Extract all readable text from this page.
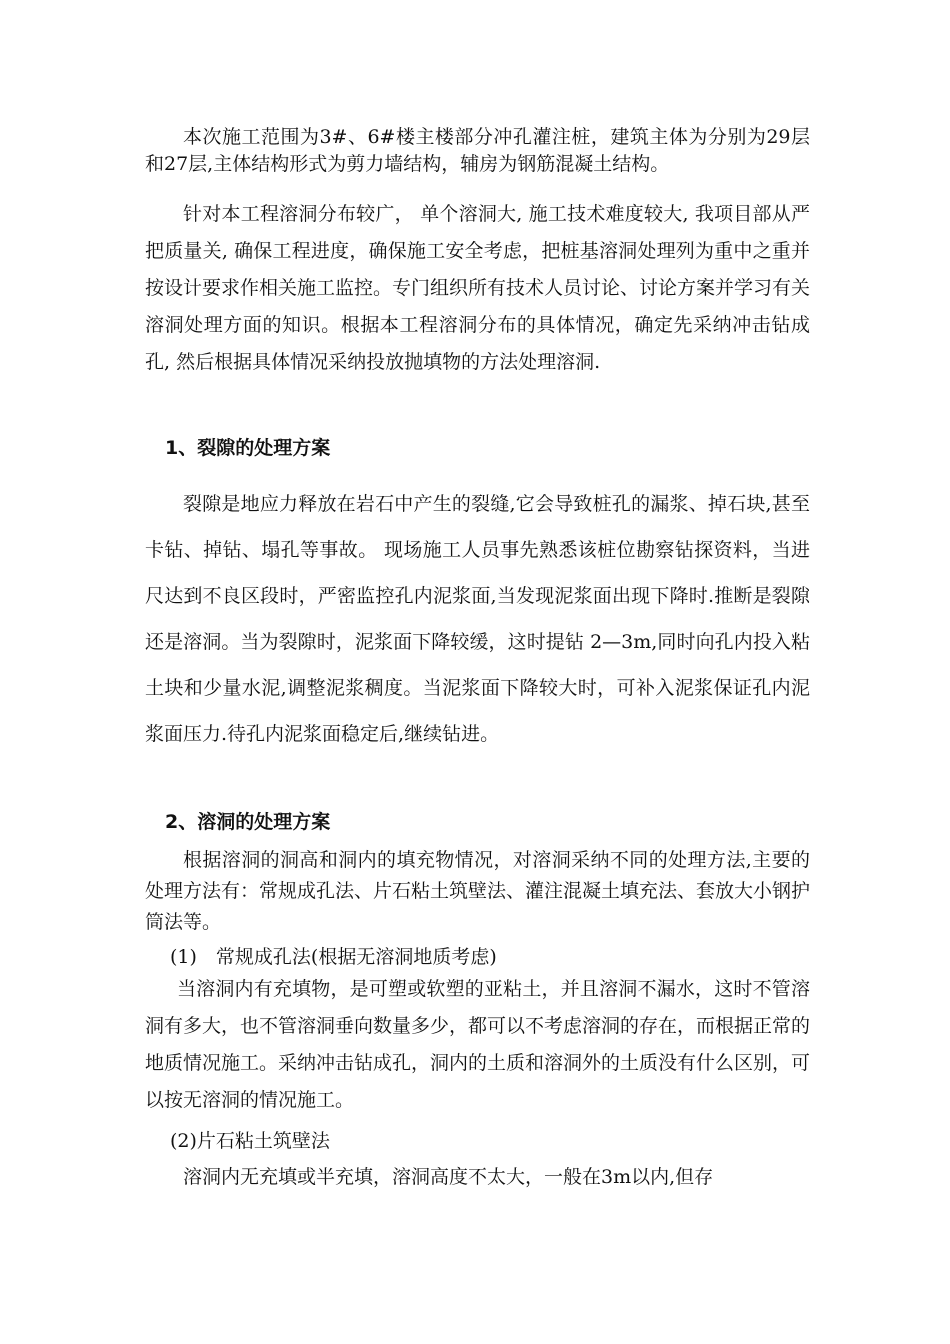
本次施工范围为3#、6#楼主楼部分冲孔灌注桩，建筑主体为分别为29层和27层,主体结构形式为剪力墙结构，辅房为钢筋混凝土结构。

针对本工程溶洞分布较广， 单个溶洞大, 施工技术难度较大, 我项目部从严把质量关, 确保工程进度，确保施工安全考虑，把桩基溶洞处理列为重中之重并按设计要求作相关施工监控。专门组织所有技术人员讨论、讨论方案并学习有关溶洞处理方面的知识。根据本工程溶洞分布的具体情况，确定先采纳冲击钻成孔, 然后根据具体情况采纳投放抛填物的方法处理溶洞.

1、裂隙的处理方案

裂隙是地应力释放在岩石中产生的裂缝,它会导致桩孔的漏浆、掉石块,甚至卡钻、掉钻、塌孔等事故。 现场施工人员事先熟悉该桩位勘察钻探资料，当进尺达到不良区段时，严密监控孔内泥浆面,当发现泥浆面出现下降时.推断是裂隙还是溶洞。当为裂隙时，泥浆面下降较缓，这时提钻 2—3m,同时向孔内投入粘土块和少量水泥,调整泥浆稠度。当泥浆面下降较大时，可补入泥浆保证孔内泥浆面压力.待孔内泥浆面稳定后,继续钻进。

2、溶洞的处理方案

根据溶洞的洞高和洞内的填充物情况，对溶洞采纳不同的处理方法,主要的处理方法有：常规成孔法、片石粘土筑壁法、灌注混凝土填充法、套放大小钢护筒法等。

(1)　常规成孔法(根据无溶洞地质考虑)

当溶洞内有充填物，是可塑或软塑的亚粘土，并且溶洞不漏水，这时不管溶洞有多大，也不管溶洞垂向数量多少，都可以不考虑溶洞的存在，而根据正常的地质情况施工。采纳冲击钻成孔，洞内的土质和溶洞外的土质没有什么区别，可以按无溶洞的情况施工。

(2)片石粘土筑壁法

溶洞内无充填或半充填，溶洞高度不太大，一般在3m以内,但存
